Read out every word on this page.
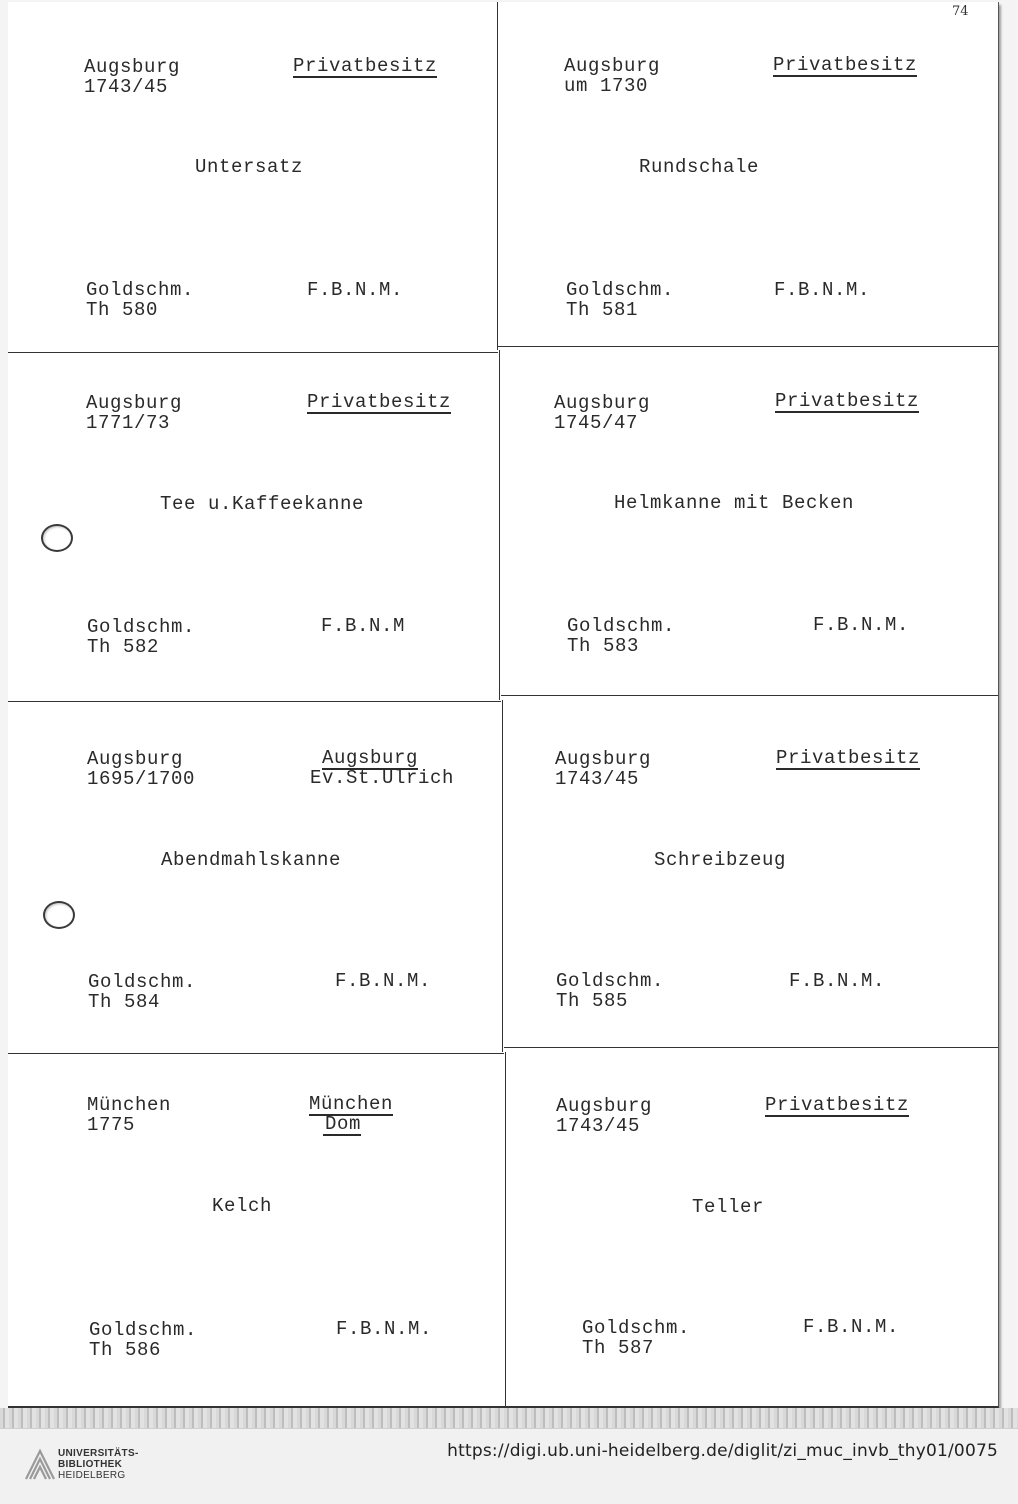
74
Augsburg
1743/45
Privatbesitz
Untersatz
Goldschm.
Th 580
F.B.N.M.
Augsburg
um 1730
Privatbesitz
Rundschale
Goldschm.
Th 581
F.B.N.M.
Augsburg
1771/73
Privatbesitz
Tee u.Kaffeekanne
Goldschm.
Th 582
F.B.N.M
Augsburg
1745/47
Privatbesitz
Helmkanne mit Becken
Goldschm.
Th 583
F.B.N.M.
Augsburg
1695/1700
Augsburg
Ev.St.Ulrich
Abendmahlskanne
Goldschm.
Th 584
F.B.N.M.
Augsburg
1743/45
Privatbesitz
Schreibzeug
Goldschm.
Th 585
F.B.N.M.
München
1775
München
Dom
Kelch
Goldschm.
Th 586
F.B.N.M.
Augsburg
1743/45
Privatbesitz
Teller
Goldschm.
Th 587
F.B.N.M.
UNIVERSITÄTS-
BIBLIOTHEK
HEIDELBERG
https://digi.ub.uni-heidelberg.de/diglit/zi_muc_invb_thy01/0075
